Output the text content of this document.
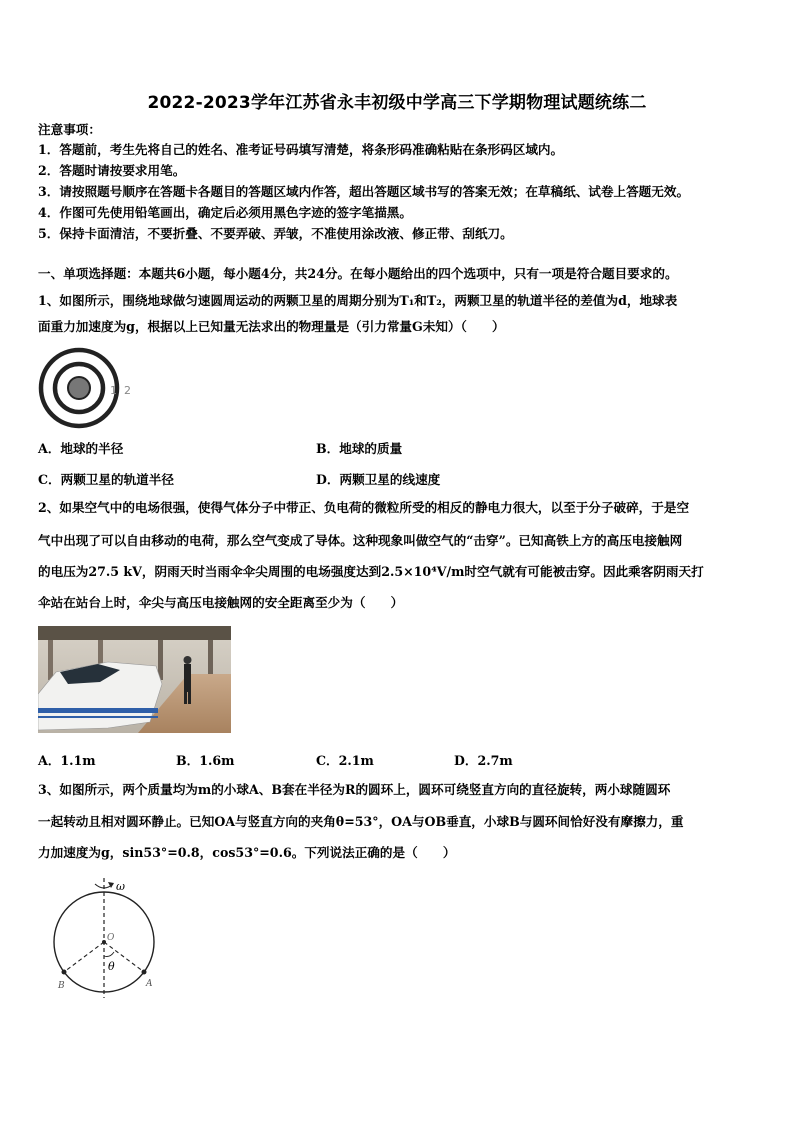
2022-2023学年江苏省永丰初级中学高三下学期物理试题统练二
注意事项：
1．答题前，考生先将自己的姓名、准考证号码填写清楚，将条形码准确粘贴在条形码区域内。
2．答题时请按要求用笔。
3．请按照题号顺序在答题卡各题目的答题区域内作答，超出答题区域书写的答案无效；在草稿纸、试卷上答题无效。
4．作图可先使用铅笔画出，确定后必须用黑色字迹的签字笔描黑。
5．保持卡面清洁，不要折叠、不要弄破、弄皱，不准使用涂改液、修正带、刮纸刀。
一、单项选择题：本题共6小题，每小题4分，共24分。在每小题给出的四个选项中，只有一项是符合题目要求的。
1、如图所示，围绕地球做匀速圆周运动的两颗卫星的周期分别为T₁和T₂，两颗卫星的轨道半径的差值为d，地球表
面重力加速度为g，根据以上已知量无法求出的物理量是（引力常量G未知）（　　）
1 2
A．地球的半径	B．地球的质量
C．两颗卫星的轨道半径	D．两颗卫星的线速度
2、如果空气中的电场很强，使得气体分子中带正、负电荷的微粒所受的相反的静电力很大，以至于分子破碎，于是空
气中出现了可以自由移动的电荷，那么空气变成了导体。这种现象叫做空气的“击穿”。已知高铁上方的高压电接触网
的电压为27.5 kV，阴雨天时当雨伞伞尖周围的电场强度达到2.5×10⁴V/m时空气就有可能被击穿。因此乘客阴雨天打
伞站在站台上时，伞尖与高压电接触网的安全距离至少为（　　）
A．1.1m	B．1.6m	C．2.1m	D．2.7m
3、如图所示，两个质量均为m的小球A、B套在半径为R的圆环上，圆环可绕竖直方向的直径旋转，两小球随圆环
一起转动且相对圆环静止。已知OA与竖直方向的夹角θ=53°，OA与OB垂直，小球B与圆环间恰好没有摩擦力，重
力加速度为g，sin53°=0.8，cos53°=0.6。下列说法正确的是（　　）
ω
O
θ
A
B
